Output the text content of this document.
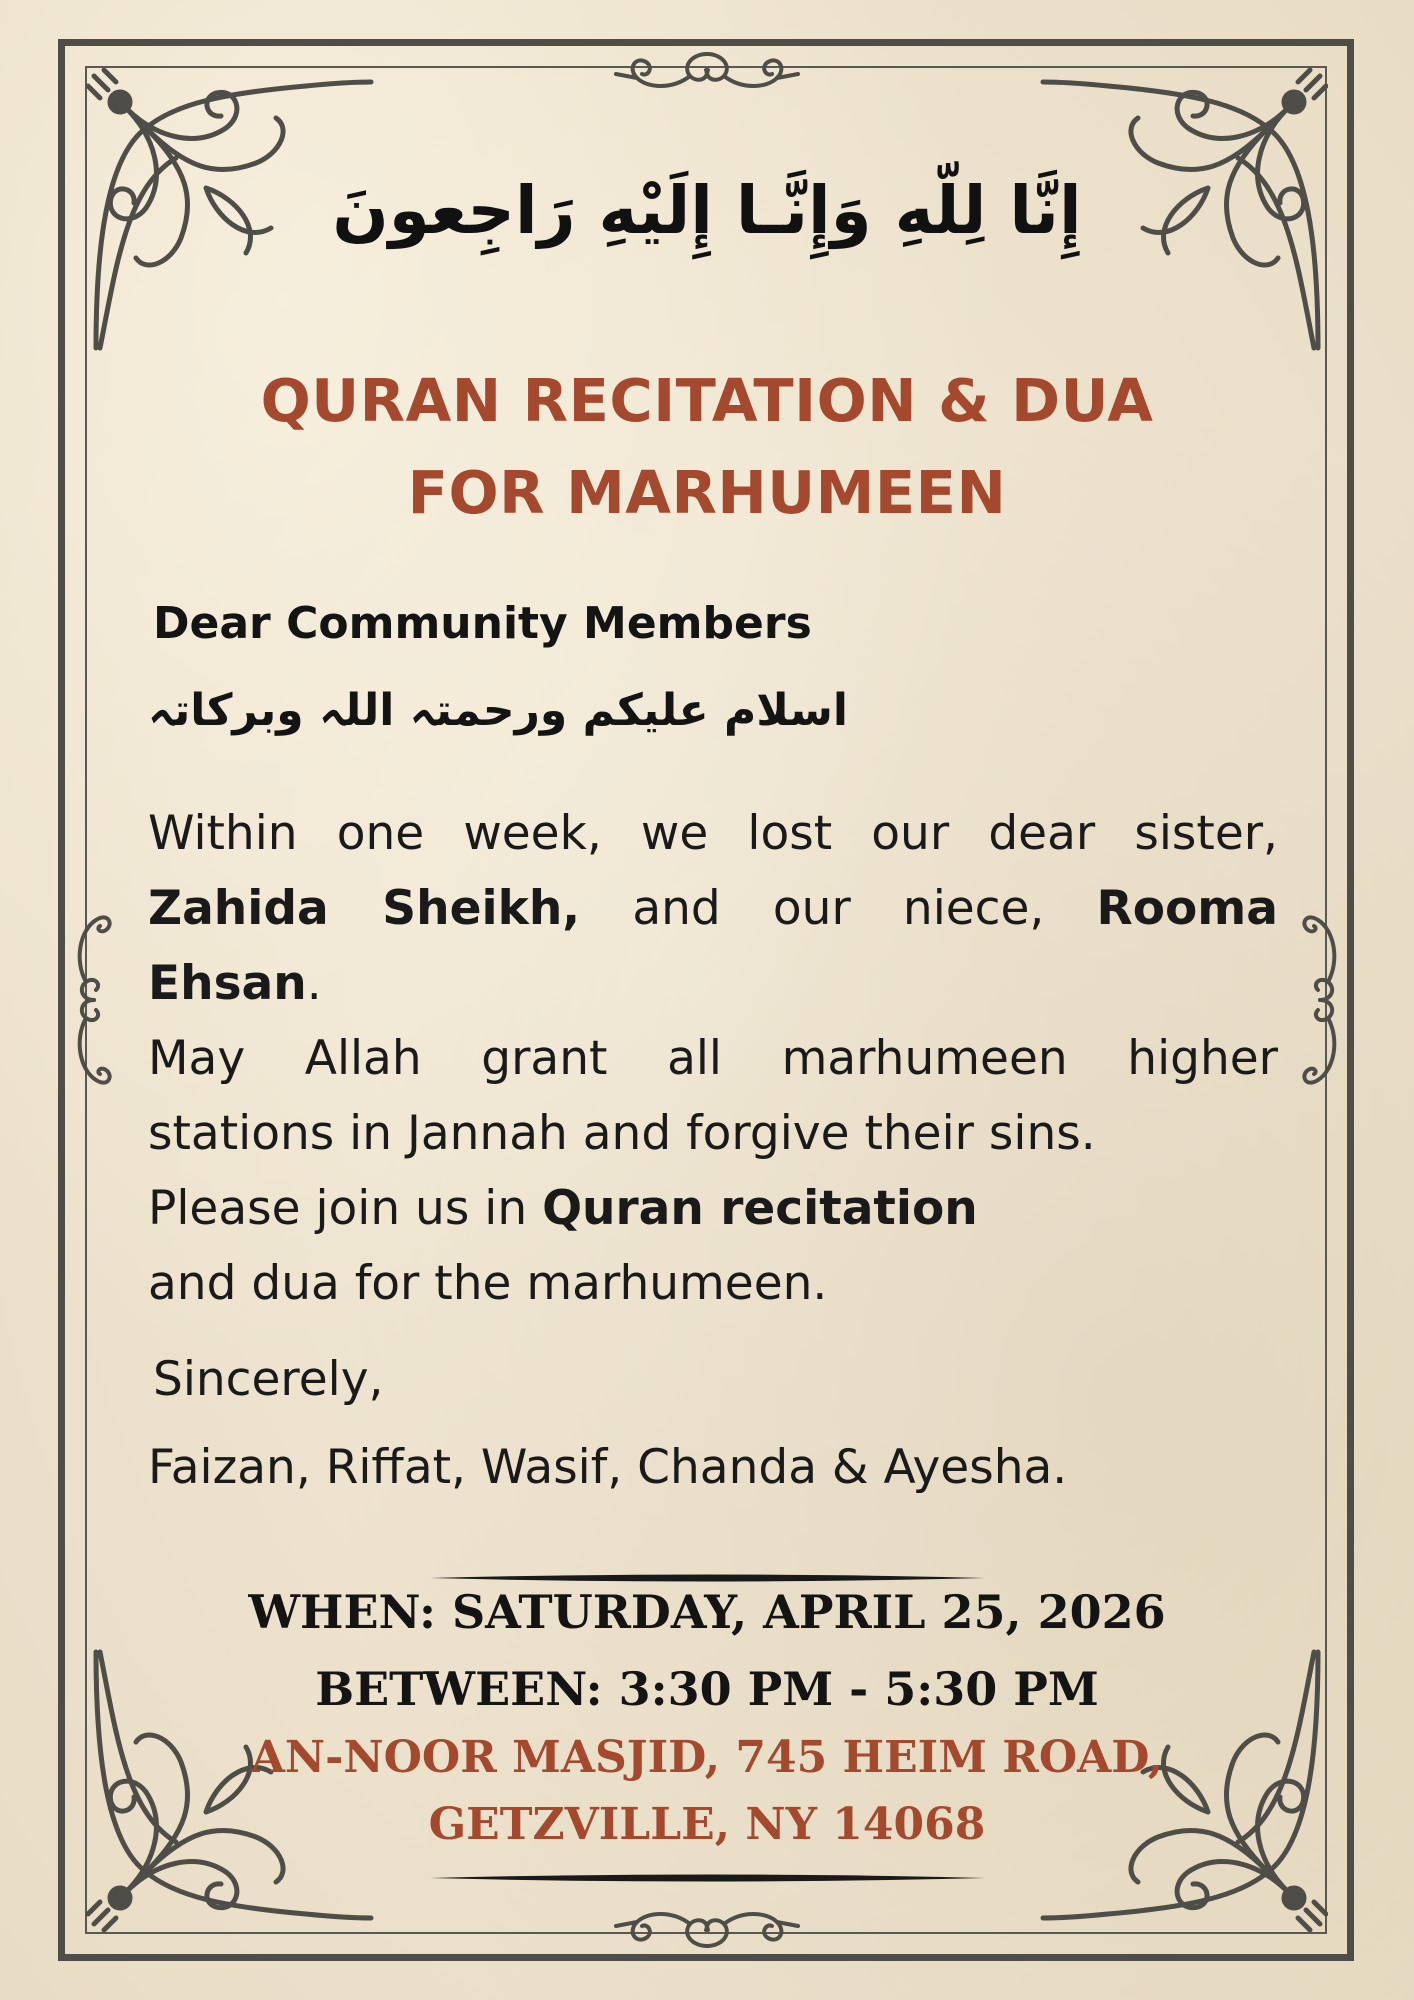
إِنَّا لِلّهِ وَإِنَّـا إِلَيْهِ رَاجِعونَ
QURAN RECITATION & DUA
FOR MARHUMEEN
Dear Community Members
اسلام علیکم ورحمتہ اللہ وبرکاتہ
Within one week, we lost our dear sister,
Zahida Sheikh, and our niece, Rooma
Ehsan.
May Allah grant all marhumeen higher
stations in Jannah and forgive their sins.
Please join us in Quran recitation
and dua for the marhumeen.
Sincerely,
Faizan, Riffat, Wasif, Chanda & Ayesha.
WHEN: SATURDAY, APRIL 25, 2026
BETWEEN: 3:30 PM - 5:30 PM
AN-NOOR MASJID, 745 HEIM ROAD,
GETZVILLE, NY 14068
